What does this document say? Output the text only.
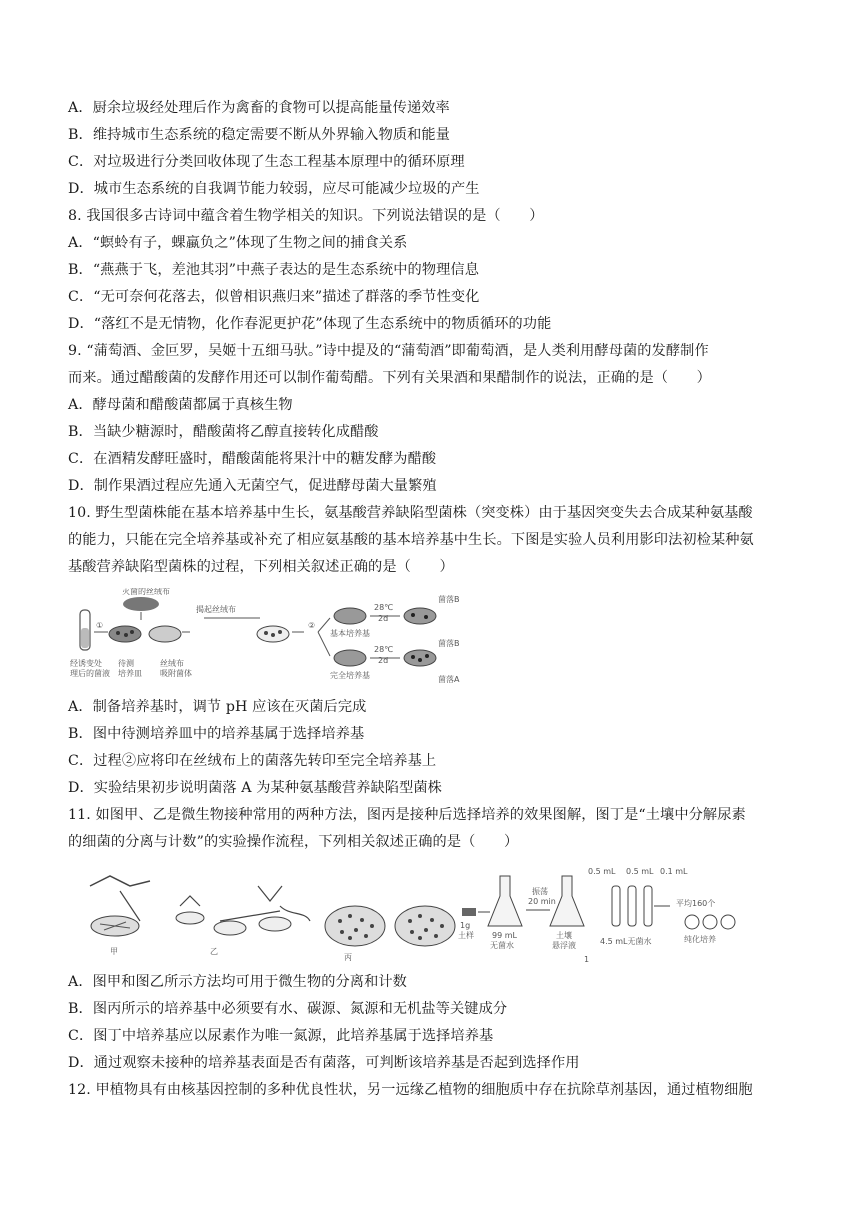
A．厨余垃圾经处理后作为禽畜的食物可以提高能量传递效率
B．维持城市生态系统的稳定需要不断从外界输入物质和能量
C．对垃圾进行分类回收体现了生态工程基本原理中的循环原理
D．城市生态系统的自我调节能力较弱，应尽可能减少垃圾的产生
8. 我国很多古诗词中蕴含着生物学相关的知识。下列说法错误的是（　　）
A．“螟蛉有子，蜾蠃负之”体现了生物之间的捕食关系
B．“燕燕于飞，差池其羽”中燕子表达的是生态系统中的物理信息
C．“无可奈何花落去，似曾相识燕归来”描述了群落的季节性变化
D．“落红不是无情物，化作春泥更护花”体现了生态系统中的物质循环的功能
9. “蒲萄酒、金叵罗，吴姬十五细马驮。”诗中提及的“蒲萄酒”即葡萄酒，是人类利用酵母菌的发酵制作
而来。通过醋酸菌的发酵作用还可以制作葡萄醋。下列有关果酒和果醋制作的说法，正确的是（　　）
A．酵母菌和醋酸菌都属于真核生物
B．当缺少糖源时，醋酸菌将乙醇直接转化成醋酸
C．在酒精发酵旺盛时，醋酸菌能将果汁中的糖发酵为醋酸
D．制作果酒过程应先通入无菌空气，促进酵母菌大量繁殖
10. 野生型菌株能在基本培养基中生长，氨基酸营养缺陷型菌株（突变株）由于基因突变失去合成某种氨基酸
的能力，只能在完全培养基或补充了相应氨基酸的基本培养基中生长。下图是实验人员利用影印法初检某种氨
基酸营养缺陷型菌株的过程，下列相关叙述正确的是（　　）
①
灭菌的丝绒布
揭起丝绒布
②
基本培养基
28℃
2d
菌落B
完全培养基
28℃
2d
菌落B
菌落A
经诱变处
理后的菌液
待测
培养皿
丝绒布
吸附菌体
A．制备培养基时，调节 pH 应该在灭菌后完成
B．图中待测培养皿中的培养基属于选择培养基
C．过程②应将印在丝绒布上的菌落先转印至完全培养基上
D．实验结果初步说明菌落 A 为某种氨基酸营养缺陷型菌株
11. 如图甲、乙是微生物接种常用的两种方法，图丙是接种后选择培养的效果图解，图丁是“土壤中分解尿素
的细菌的分离与计数”的实验操作流程，下列相关叙述正确的是（　　）
甲	乙
丙
1g
土样 99 mL
无菌水
振荡
20 min
土壤
悬浮液
0.5 mL 0.5 mL 0.1 mL
4.5 mL无菌水
平均160个
纯化培养
1
A．图甲和图乙所示方法均可用于微生物的分离和计数
B．图丙所示的培养基中必须要有水、碳源、氮源和无机盐等关键成分
C．图丁中培养基应以尿素作为唯一氮源，此培养基属于选择培养基
D．通过观察未接种的培养基表面是否有菌落，可判断该培养基是否起到选择作用
12. 甲植物具有由核基因控制的多种优良性状，另一远缘乙植物的细胞质中存在抗除草剂基因，通过植物细胞
